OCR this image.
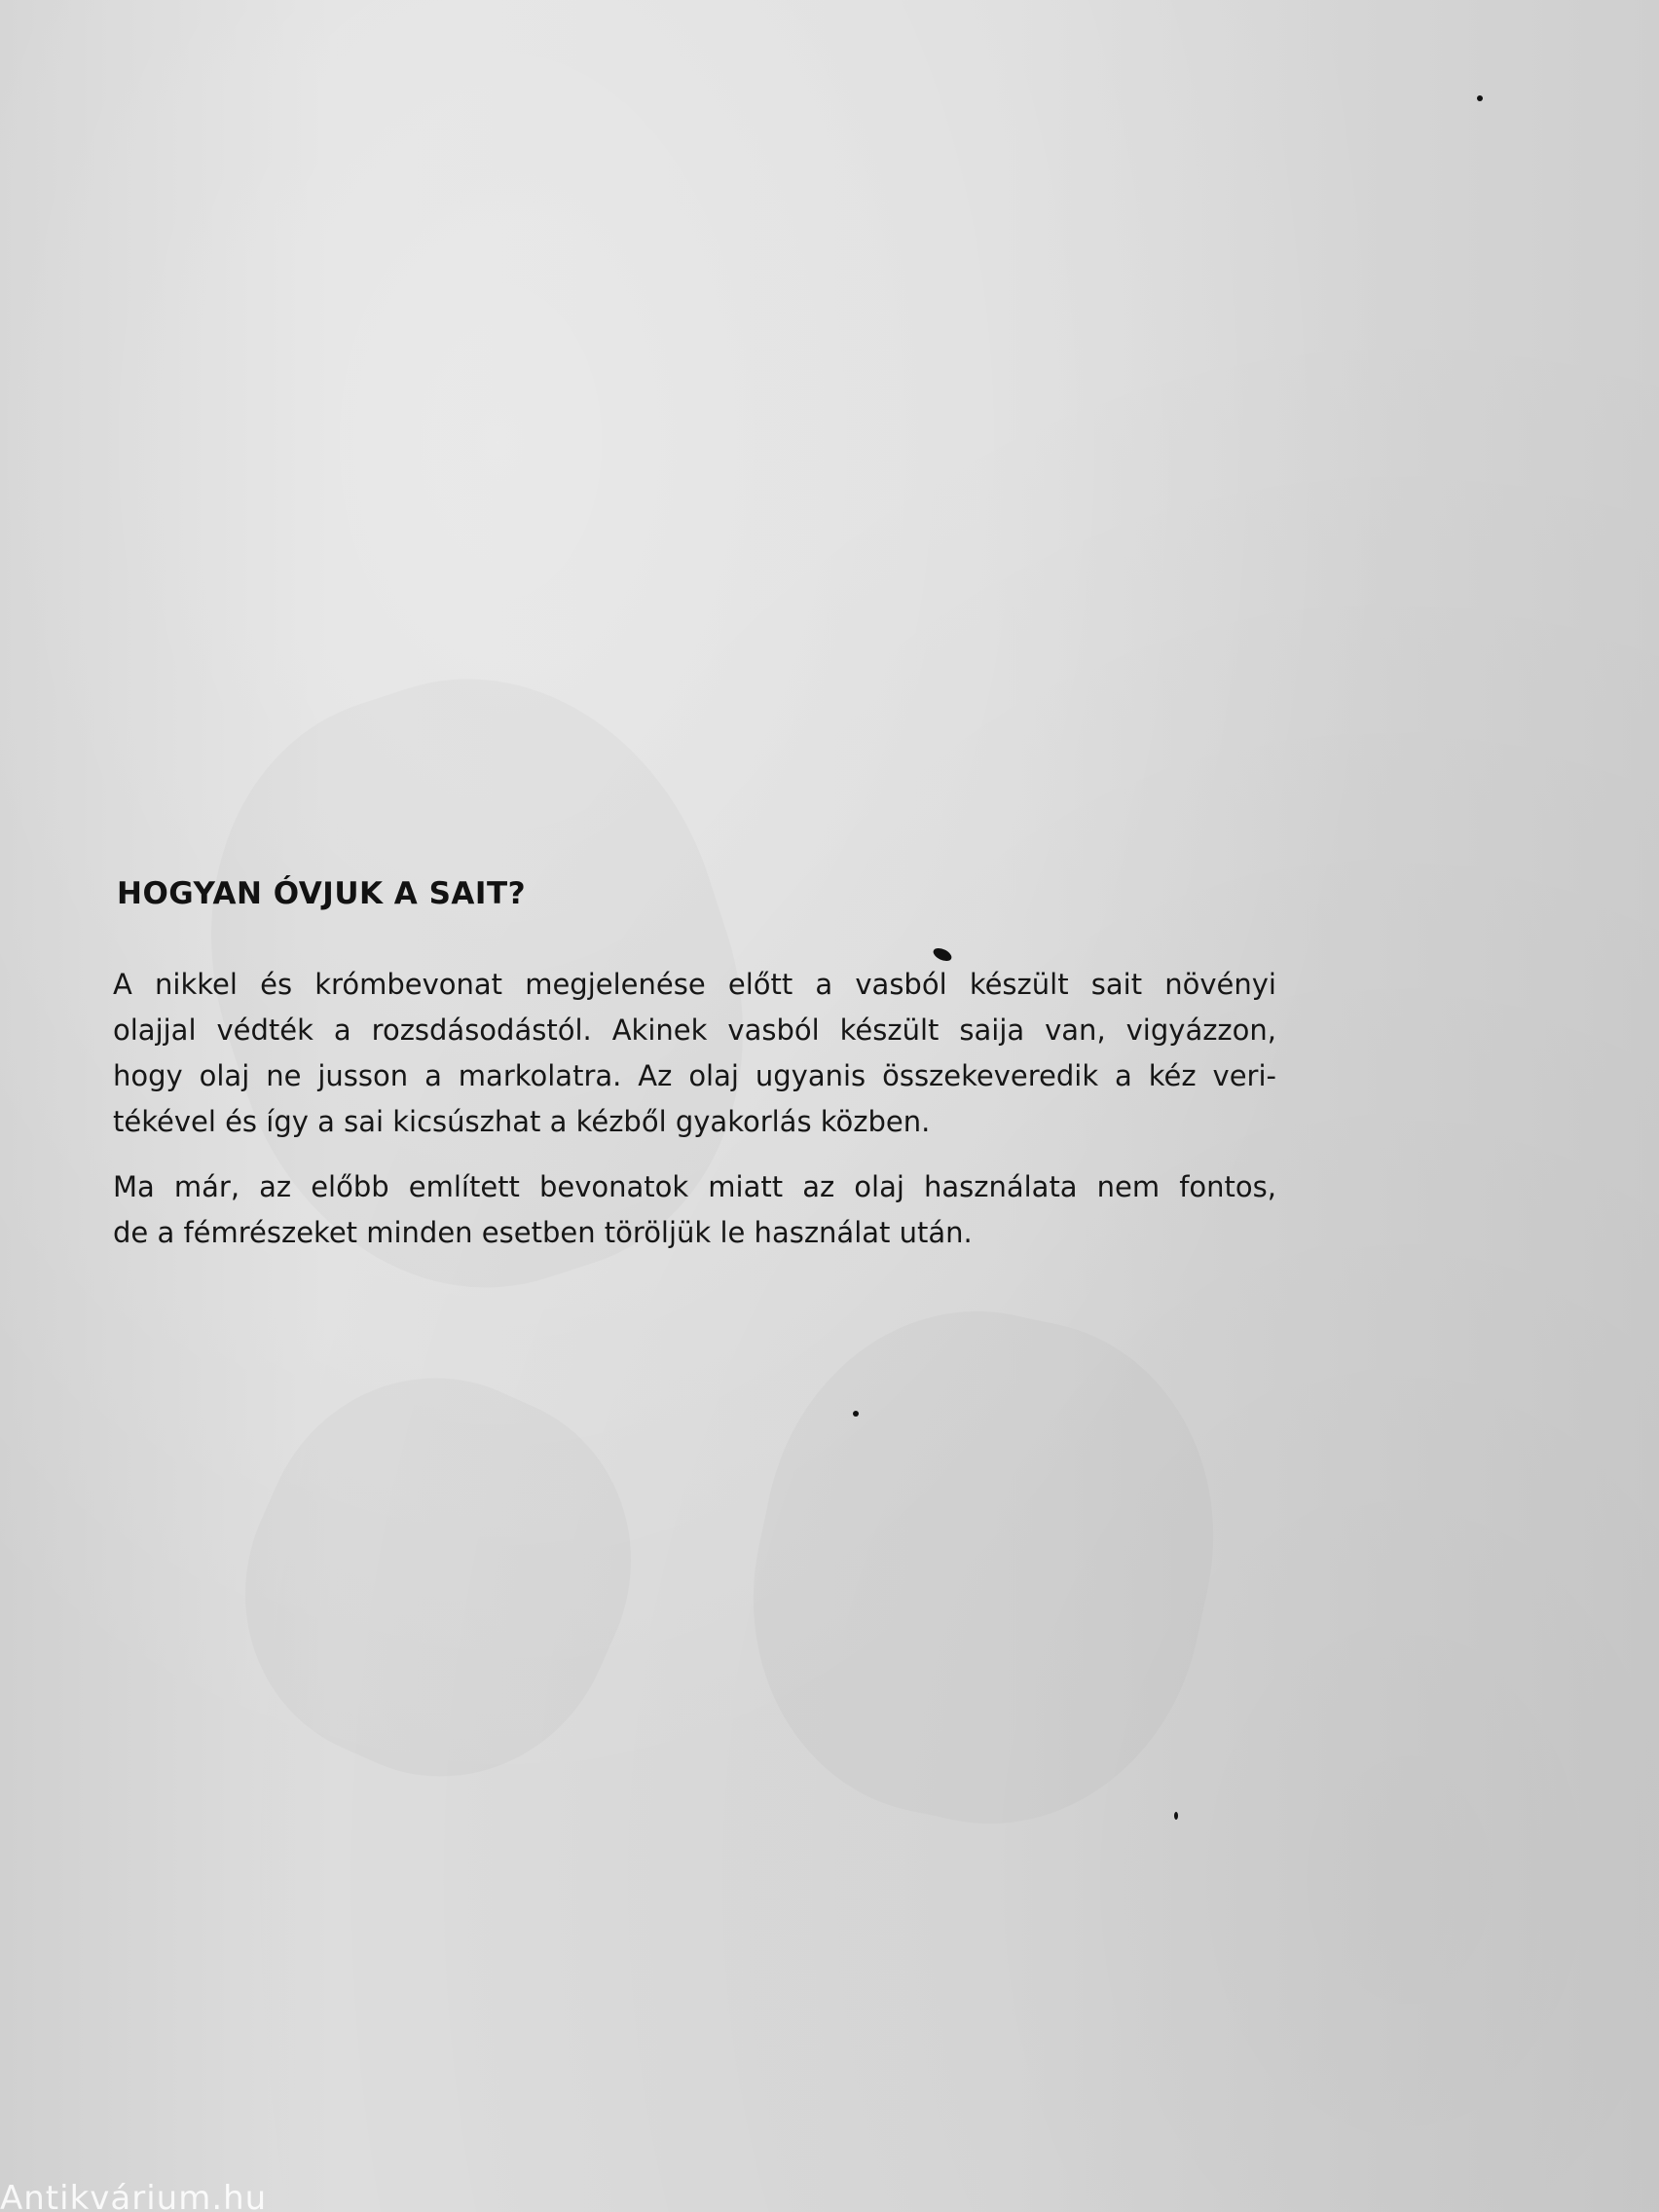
HOGYAN ÓVJUK A SAIT?

A nikkel és krómbevonat megjelenése előtt a vasból készült sait növényi
olajjal védték a rozsdásodástól. Akinek vasból készült saija van, vigyázzon,
hogy olaj ne jusson a markolatra. Az olaj ugyanis összekeveredik a kéz veri-
tékével és így a sai kicsúszhat a kézből gyakorlás közben.

Ma már, az előbb említett bevonatok miatt az olaj használata nem fontos,
de a fémrészeket minden esetben töröljük le használat után.

Antikvárium.hu
